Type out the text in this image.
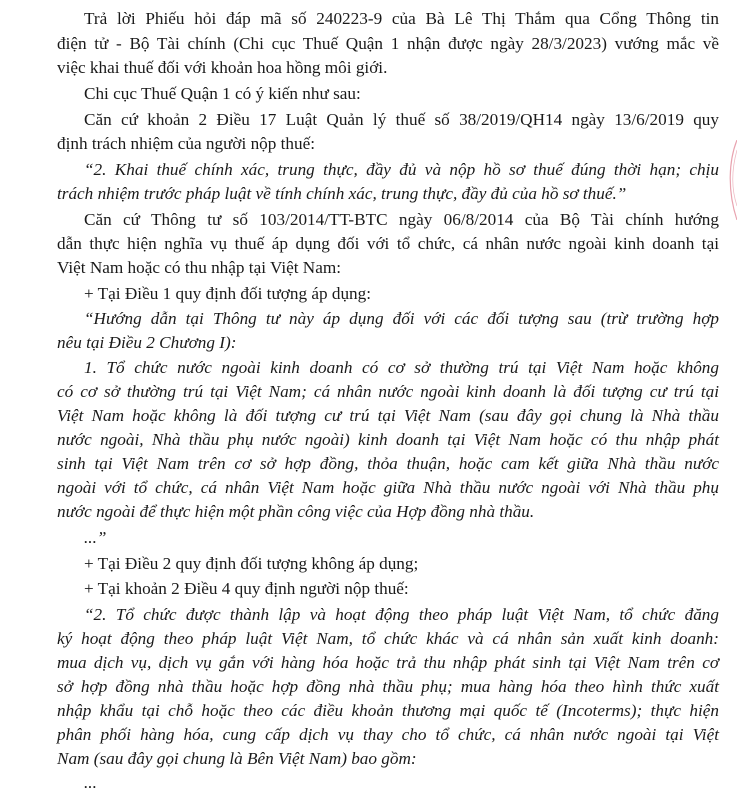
Trả lời Phiếu hỏi đáp mã số 240223-9 của Bà Lê Thị Thắm qua Cổng Thông tin
điện tử - Bộ Tài chính (Chi cục Thuế Quận 1 nhận được ngày 28/3/2023) vướng mắc về
việc khai thuế đối với khoản hoa hồng môi giới.
Chi cục Thuế Quận 1 có ý kiến như sau:
Căn cứ khoản 2 Điều 17 Luật Quản lý thuế số 38/2019/QH14 ngày 13/6/2019 quy
định trách nhiệm của người nộp thuế:
“2. Khai thuế chính xác, trung thực, đầy đủ và nộp hồ sơ thuế đúng thời hạn; chịu
trách nhiệm trước pháp luật về tính chính xác, trung thực, đầy đủ của hồ sơ thuế.”
Căn cứ Thông tư số 103/2014/TT-BTC ngày 06/8/2014 của Bộ Tài chính hướng
dẫn thực hiện nghĩa vụ thuế áp dụng đối với tổ chức, cá nhân nước ngoài kinh doanh tại
Việt Nam hoặc có thu nhập tại Việt Nam:
+ Tại Điều 1 quy định đối tượng áp dụng:
“Hướng dẫn tại Thông tư này áp dụng đối với các đối tượng sau (trừ trường hợp
nêu tại Điều 2 Chương I):
1. Tổ chức nước ngoài kinh doanh có cơ sở thường trú tại Việt Nam hoặc không
có cơ sở thường trú tại Việt Nam; cá nhân nước ngoài kinh doanh là đối tượng cư trú tại
Việt Nam hoặc không là đối tượng cư trú tại Việt Nam (sau đây gọi chung là Nhà thầu
nước ngoài, Nhà thầu phụ nước ngoài) kinh doanh tại Việt Nam hoặc có thu nhập phát
sinh tại Việt Nam trên cơ sở hợp đồng, thỏa thuận, hoặc cam kết giữa Nhà thầu nước
ngoài với tổ chức, cá nhân Việt Nam hoặc giữa Nhà thầu nước ngoài với Nhà thầu phụ
nước ngoài để thực hiện một phần công việc của Hợp đồng nhà thầu.
...”
+ Tại Điều 2 quy định đối tượng không áp dụng;
+ Tại khoản 2 Điều 4 quy định người nộp thuế:
“2. Tổ chức được thành lập và hoạt động theo pháp luật Việt Nam, tổ chức đăng
ký hoạt động theo pháp luật Việt Nam, tổ chức khác và cá nhân sản xuất kinh doanh:
mua dịch vụ, dịch vụ gắn với hàng hóa hoặc trả thu nhập phát sinh tại Việt Nam trên cơ
sở hợp đồng nhà thầu hoặc hợp đồng nhà thầu phụ; mua hàng hóa theo hình thức xuất
nhập khẩu tại chỗ hoặc theo các điều khoản thương mại quốc tế (Incoterms); thực hiện
phân phối hàng hóa, cung cấp dịch vụ thay cho tổ chức, cá nhân nước ngoài tại Việt
Nam (sau đây gọi chung là Bên Việt Nam) bao gồm:
...
